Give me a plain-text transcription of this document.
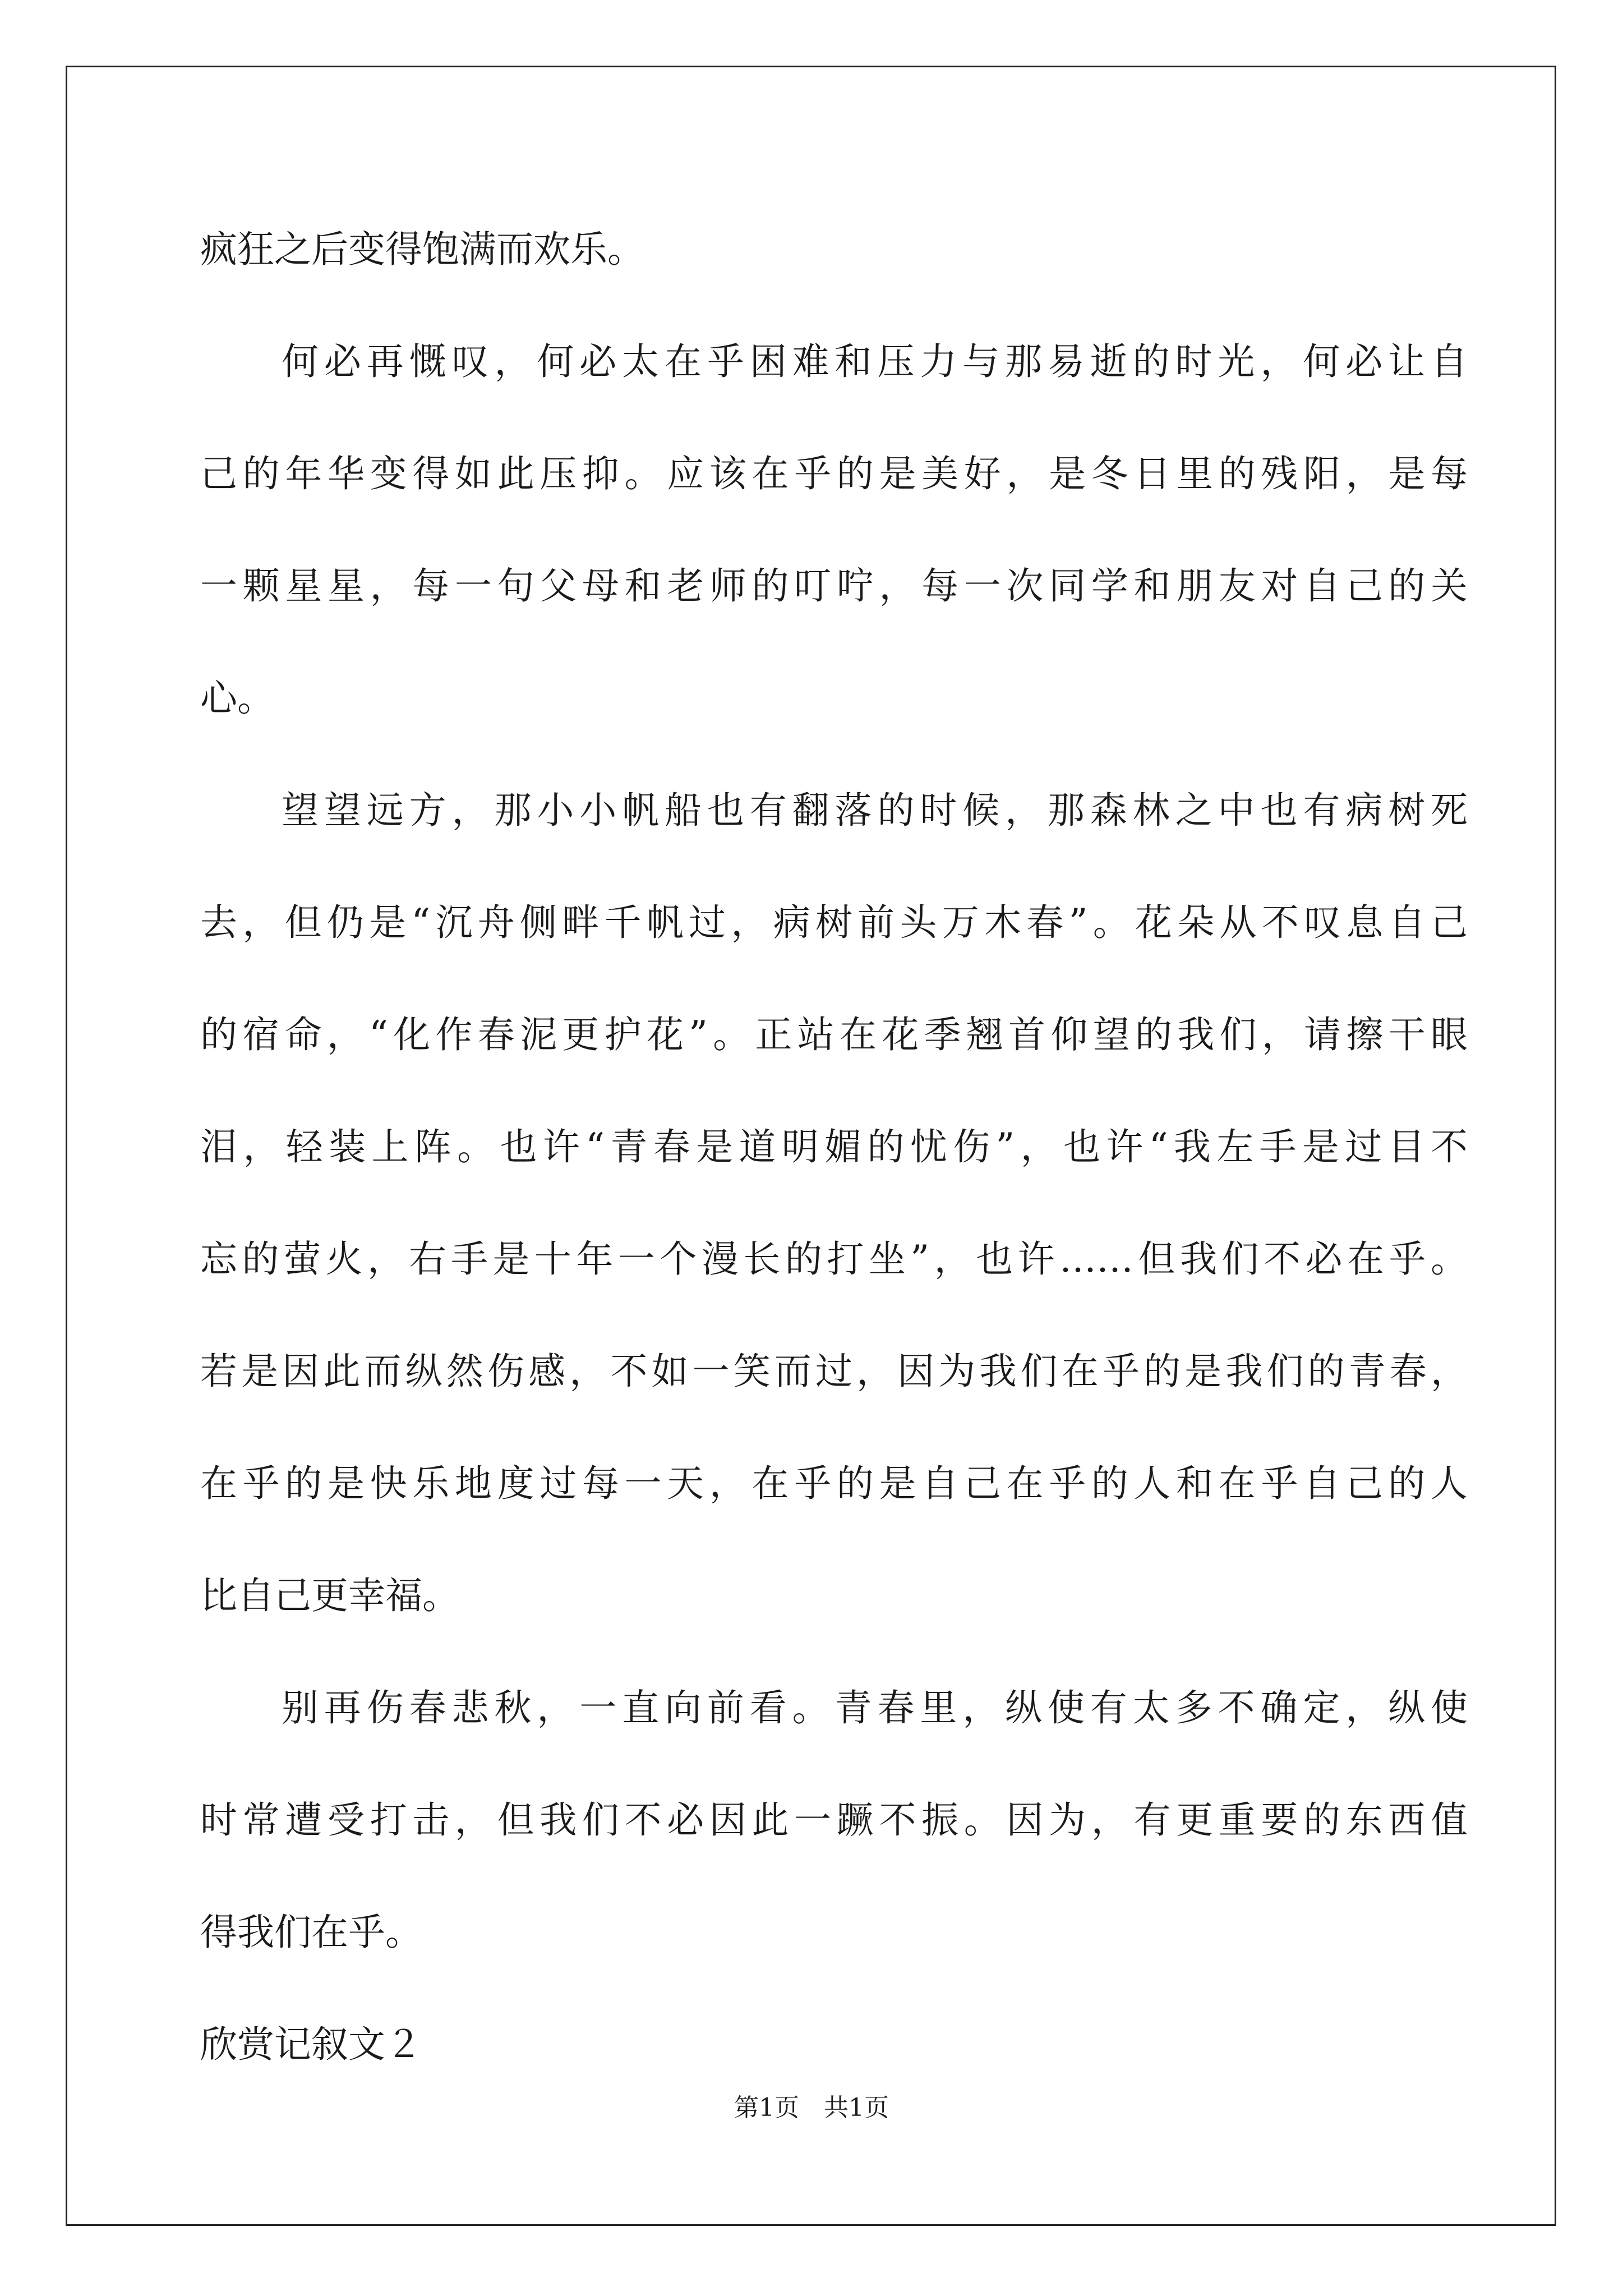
疯狂之后变得饱满而欢乐。
何必再慨叹，何必太在乎困难和压力与那易逝的时光，何必让自
己的年华变得如此压抑。应该在乎的是美好，是冬日里的残阳，是每
一颗星星，每一句父母和老师的叮咛，每一次同学和朋友对自己的关
心。
望望远方，那小小帆船也有翻落的时候，那森林之中也有病树死
去，但仍是“沉舟侧畔千帆过，病树前头万木春”。花朵从不叹息自己
的宿命，“化作春泥更护花”。正站在花季翘首仰望的我们，请擦干眼
泪，轻装上阵。也许“青春是道明媚的忧伤”，也许“我左手是过目不
忘的萤火，右手是十年一个漫长的打坐”，也许……但我们不必在乎。
若是因此而纵然伤感，不如一笑而过，因为我们在乎的是我们的青春，
在乎的是快乐地度过每一天，在乎的是自己在乎的人和在乎自己的人
比自己更幸福。
别再伤春悲秋，一直向前看。青春里，纵使有太多不确定，纵使
时常遭受打击，但我们不必因此一蹶不振。因为，有更重要的东西值
得我们在乎。
欣赏记叙文２
第1页　共1页
